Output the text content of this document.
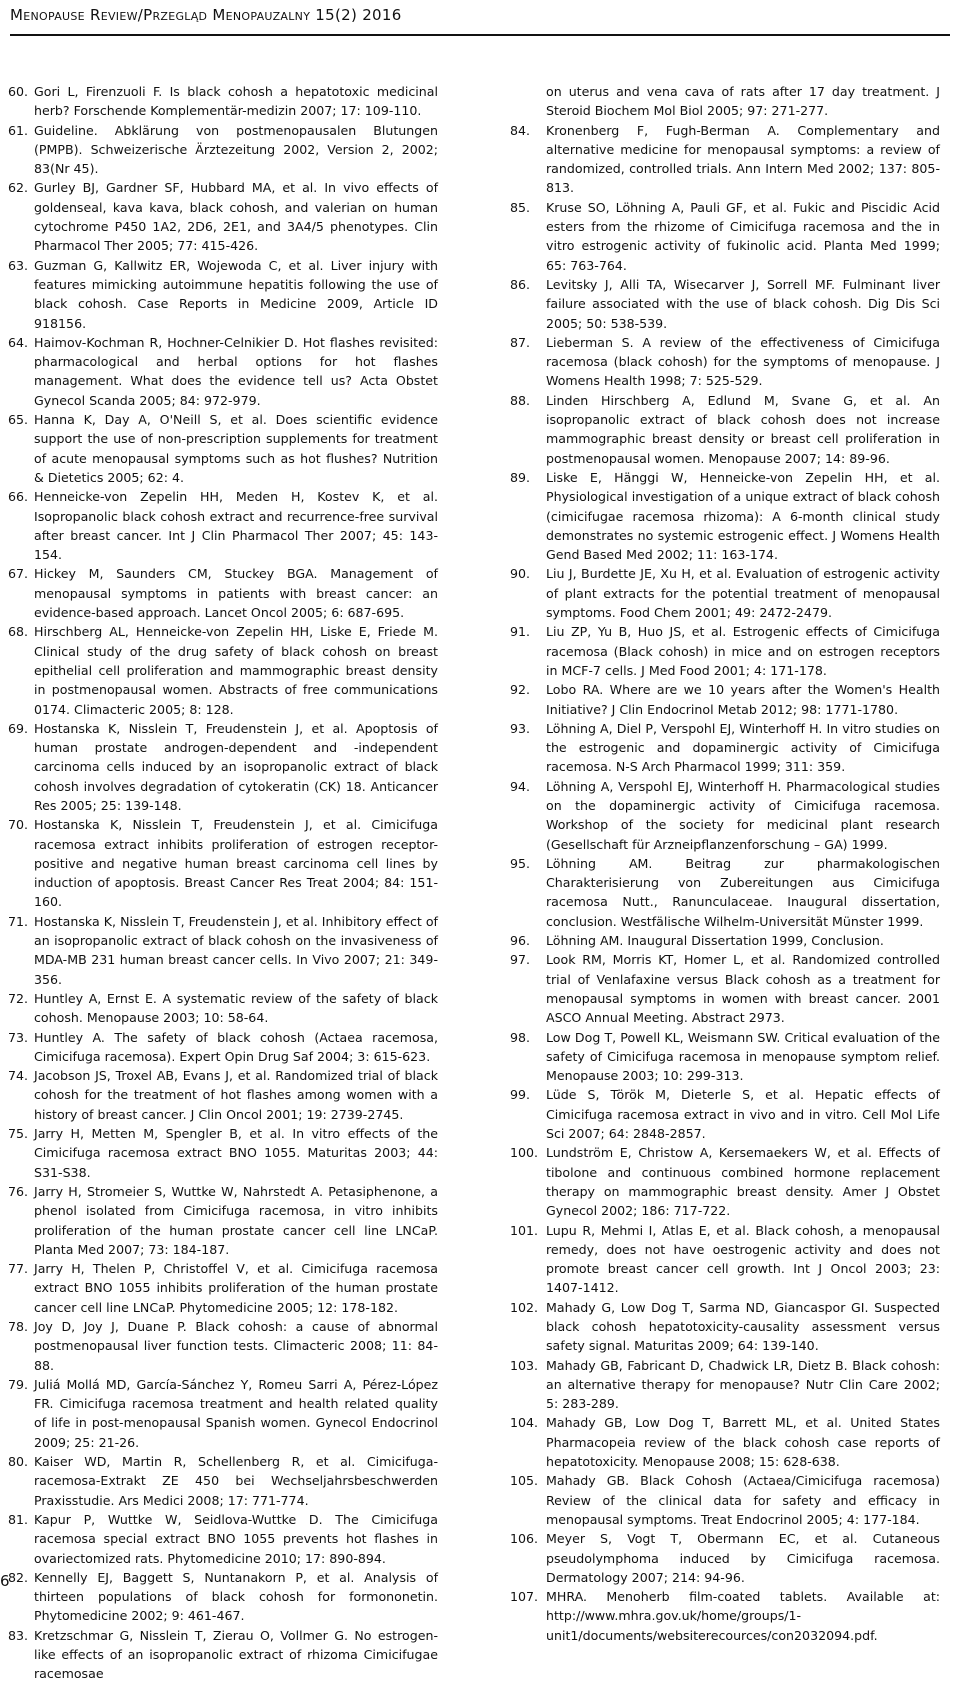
Menopause Review/Przegląd Menopauzalny 15(2) 2016
60. Gori L, Firenzuoli F. Is black cohosh a hepatotoxic medicinal herb? Forschende Komplementär-medizin 2007; 17: 109-110.
61. Guideline. Abklärung von postmenopausalen Blutungen (PMPB). Schweizerische Ärztezeitung 2002, Version 2, 2002; 83(Nr 45).
62. Gurley BJ, Gardner SF, Hubbard MA, et al. In vivo effects of goldenseal, kava kava, black cohosh, and valerian on human cytochrome P450 1A2, 2D6, 2E1, and 3A4/5 phenotypes. Clin Pharmacol Ther 2005; 77: 415-426.
63. Guzman G, Kallwitz ER, Wojewoda C, et al. Liver injury with features mimicking autoimmune hepatitis following the use of black cohosh. Case Reports in Medicine 2009, Article ID 918156.
64. Haimov-Kochman R, Hochner-Celnikier D. Hot flashes revisited: pharmacological and herbal options for hot flashes management. What does the evidence tell us? Acta Obstet Gynecol Scanda 2005; 84: 972-979.
65. Hanna K, Day A, O'Neill S, et al. Does scientific evidence support the use of non-prescription supplements for treatment of acute menopausal symptoms such as hot flushes? Nutrition & Dietetics 2005; 62: 4.
66. Henneicke-von Zepelin HH, Meden H, Kostev K, et al. Isopropanolic black cohosh extract and recurrence-free survival after breast cancer. Int J Clin Pharmacol Ther 2007; 45: 143-154.
67. Hickey M, Saunders CM, Stuckey BGA. Management of menopausal symptoms in patients with breast cancer: an evidence-based approach. Lancet Oncol 2005; 6: 687-695.
68. Hirschberg AL, Henneicke-von Zepelin HH, Liske E, Friede M. Clinical study of the drug safety of black cohosh on breast epithelial cell proliferation and mammographic breast density in postmenopausal women. Abstracts of free communications 0174. Climacteric 2005; 8: 128.
69. Hostanska K, Nisslein T, Freudenstein J, et al. Apoptosis of human prostate androgen-dependent and -independent carcinoma cells induced by an isopropanolic extract of black cohosh involves degradation of cytokeratin (CK) 18. Anticancer Res 2005; 25: 139-148.
70. Hostanska K, Nisslein T, Freudenstein J, et al. Cimicifuga racemosa extract inhibits proliferation of estrogen receptor-positive and negative human breast carcinoma cell lines by induction of apoptosis. Breast Cancer Res Treat 2004; 84: 151-160.
71. Hostanska K, Nisslein T, Freudenstein J, et al. Inhibitory effect of an isopropanolic extract of black cohosh on the invasiveness of MDA-MB 231 human breast cancer cells. In Vivo 2007; 21: 349-356.
72. Huntley A, Ernst E. A systematic review of the safety of black cohosh. Menopause 2003; 10: 58-64.
73. Huntley A. The safety of black cohosh (Actaea racemosa, Cimicifuga racemosa). Expert Opin Drug Saf 2004; 3: 615-623.
74. Jacobson JS, Troxel AB, Evans J, et al. Randomized trial of black cohosh for the treatment of hot flashes among women with a history of breast cancer. J Clin Oncol 2001; 19: 2739-2745.
75. Jarry H, Metten M, Spengler B, et al. In vitro effects of the Cimicifuga racemosa extract BNO 1055. Maturitas 2003; 44: S31-S38.
76. Jarry H, Stromeier S, Wuttke W, Nahrstedt A. Petasiphenone, a phenol isolated from Cimicifuga racemosa, in vitro inhibits proliferation of the human prostate cancer cell line LNCaP. Planta Med 2007; 73: 184-187.
77. Jarry H, Thelen P, Christoffel V, et al. Cimicifuga racemosa extract BNO 1055 inhibits proliferation of the human prostate cancer cell line LNCaP. Phytomedicine 2005; 12: 178-182.
78. Joy D, Joy J, Duane P. Black cohosh: a cause of abnormal postmenopausal liver function tests. Climacteric 2008; 11: 84-88.
79. Juliá Mollá MD, García-Sánchez Y, Romeu Sarri A, Pérez-López FR. Cimicifuga racemosa treatment and health related quality of life in post-menopausal Spanish women. Gynecol Endocrinol 2009; 25: 21-26.
80. Kaiser WD, Martin R, Schellenberg R, et al. Cimicifuga-racemosa-Extrakt ZE 450 bei Wechseljahrsbeschwerden Praxisstudie. Ars Medici 2008; 17: 771-774.
81. Kapur P, Wuttke W, Seidlova-Wuttke D. The Cimicifuga racemosa special extract BNO 1055 prevents hot flashes in ovariectomized rats. Phytomedicine 2010; 17: 890-894.
82. Kennelly EJ, Baggett S, Nuntanakorn P, et al. Analysis of thirteen populations of black cohosh for formononetin. Phytomedicine 2002; 9: 461-467.
83. Kretzschmar G, Nisslein T, Zierau O, Vollmer G. No estrogen-like effects of an isopropanolic extract of rhizoma Cimicifugae racemosae
on uterus and vena cava of rats after 17 day treatment. J Steroid Biochem Mol Biol 2005; 97: 271-277.
84.	Kronenberg F, Fugh-Berman A. Complementary and alternative medicine for menopausal symptoms: a review of randomized, controlled trials. Ann Intern Med 2002; 137: 805-813.
85.	Kruse SO, Löhning A, Pauli GF, et al. Fukic and Piscidic Acid esters from the rhizome of Cimicifuga racemosa and the in vitro estrogenic activity of fukinolic acid. Planta Med 1999; 65: 763-764.
86.	Levitsky J, Alli TA, Wisecarver J, Sorrell MF. Fulminant liver failure associated with the use of black cohosh. Dig Dis Sci 2005; 50: 538-539.
87.	Lieberman S. A review of the effectiveness of Cimicifuga racemosa (black cohosh) for the symptoms of menopause. J Womens Health 1998; 7: 525-529.
88.	Linden Hirschberg A, Edlund M, Svane G, et al. An isopropanolic extract of black cohosh does not increase mammographic breast density or breast cell proliferation in postmenopausal women. Menopause 2007; 14: 89-96.
89.	Liske E, Hänggi W, Henneicke-von Zepelin HH, et al. Physiological investigation of a unique extract of black cohosh (cimicifugae racemosa rhizoma): A 6-month clinical study demonstrates no systemic estrogenic effect. J Womens Health Gend Based Med 2002; 11: 163-174.
90.	Liu J, Burdette JE, Xu H, et al. Evaluation of estrogenic activity of plant extracts for the potential treatment of menopausal symptoms. Food Chem 2001; 49: 2472-2479.
91.	Liu ZP, Yu B, Huo JS, et al. Estrogenic effects of Cimicifuga racemosa (Black cohosh) in mice and on estrogen receptors in MCF-7 cells. J Med Food 2001; 4: 171-178.
92.	Lobo RA. Where are we 10 years after the Women's Health Initiative? J Clin Endocrinol Metab 2012; 98: 1771-1780.
93.	Löhning A, Diel P, Verspohl EJ, Winterhoff H. In vitro studies on the estrogenic and dopaminergic activity of Cimicifuga racemosa. N-S Arch Pharmacol 1999; 311: 359.
94.	Löhning A, Verspohl EJ, Winterhoff H. Pharmacological studies on the dopaminergic activity of Cimicifuga racemosa. Workshop of the society for medicinal plant research (Gesellschaft für Arzneipflanzenforschung – GA) 1999.
95.	Löhning AM. Beitrag zur pharmakologischen Charakterisierung von Zubereitungen aus Cimicifuga racemosa Nutt., Ranunculaceae. Inaugural dissertation, conclusion. Westfälische Wilhelm-Universität Münster 1999.
96.	Löhning AM. Inaugural Dissertation 1999, Conclusion.
97.	Look RM, Morris KT, Homer L, et al. Randomized controlled trial of Venlafaxine versus Black cohosh as a treatment for menopausal symptoms in women with breast cancer. 2001 ASCO Annual Meeting. Abstract 2973.
98.	Low Dog T, Powell KL, Weismann SW. Critical evaluation of the safety of Cimicifuga racemosa in menopause symptom relief. Menopause 2003; 10: 299-313.
99.	Lüde S, Török M, Dieterle S, et al. Hepatic effects of Cimicifuga racemosa extract in vivo and in vitro. Cell Mol Life Sci 2007; 64: 2848-2857.
100. Lundström E, Christow A, Kersemaekers W, et al. Effects of tibolone and continuous combined hormone replacement therapy on mammographic breast density. Amer J Obstet Gynecol 2002; 186: 717-722.
101. Lupu R, Mehmi I, Atlas E, et al. Black cohosh, a menopausal remedy, does not have oestrogenic activity and does not promote breast cancer cell growth. Int J Oncol 2003; 23: 1407-1412.
102. Mahady G, Low Dog T, Sarma ND, Giancaspor GI. Suspected black cohosh hepatotoxicity-causality assessment versus safety signal. Maturitas 2009; 64: 139-140.
103. Mahady GB, Fabricant D, Chadwick LR, Dietz B. Black cohosh: an alternative therapy for menopause? Nutr Clin Care 2002; 5: 283-289.
104. Mahady GB, Low Dog T, Barrett ML, et al. United States Pharmacopeia review of the black cohosh case reports of hepatotoxicity. Menopause 2008; 15: 628-638.
105. Mahady GB. Black Cohosh (Actaea/Cimicifuga racemosa) Review of the clinical data for safety and efficacy in menopausal symptoms. Treat Endocrinol 2005; 4: 177-184.
106. Meyer S, Vogt T, Obermann EC, et al. Cutaneous pseudolymphoma induced by Cimicifuga racemosa. Dermatology 2007; 214: 94-96.
107. MHRA. Menoherb film-coated tablets. Available at: http://www.mhra.gov.uk/home/groups/1-unit1/documents/websiterecources/con2032094.pdf.
6
